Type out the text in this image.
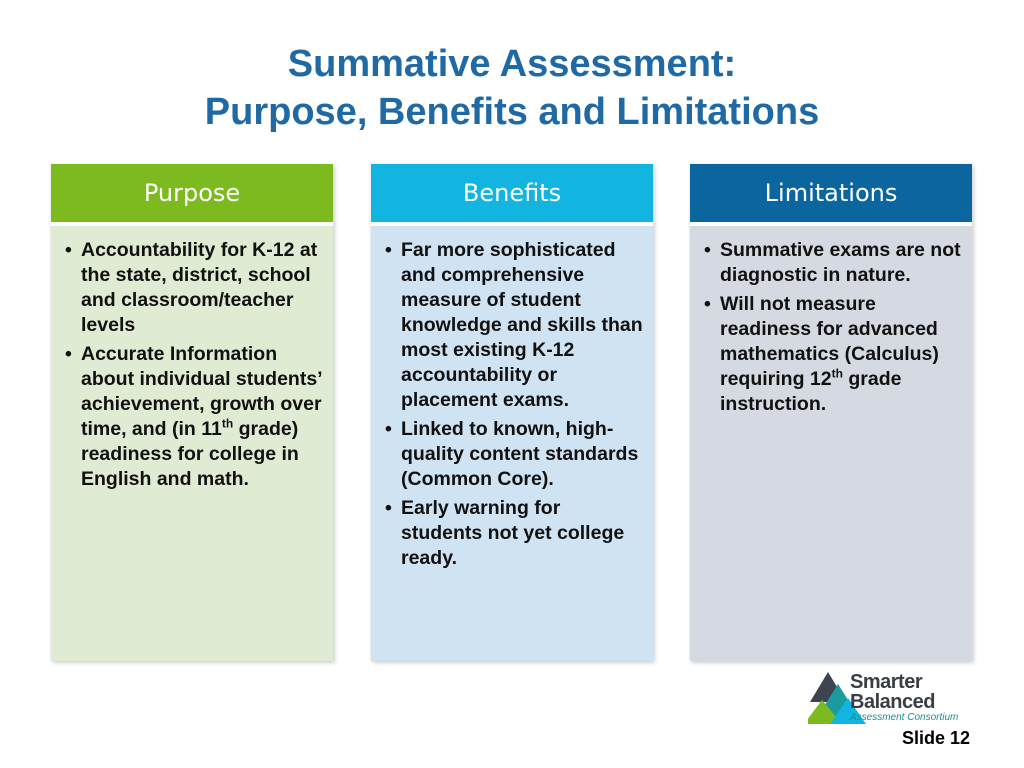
Summative Assessment:
Purpose, Benefits and Limitations
Purpose
• Accountability for K-12 at the state, district, school and classroom/teacher levels
• Accurate Information about individual students’ achievement, growth over time, and (in 11th grade) readiness for college in English and math.
Benefits
• Far more sophisticated and comprehensive measure of student knowledge and skills than most existing K-12 accountability or placement exams.
• Linked to known, high-quality content standards (Common Core).
• Early warning for students not yet college ready.
Limitations
• Summative exams are not diagnostic in nature.
• Will not measure readiness for advanced mathematics (Calculus) requiring 12th grade instruction.
Smarter
Balanced
Assessment Consortium
Slide 12
